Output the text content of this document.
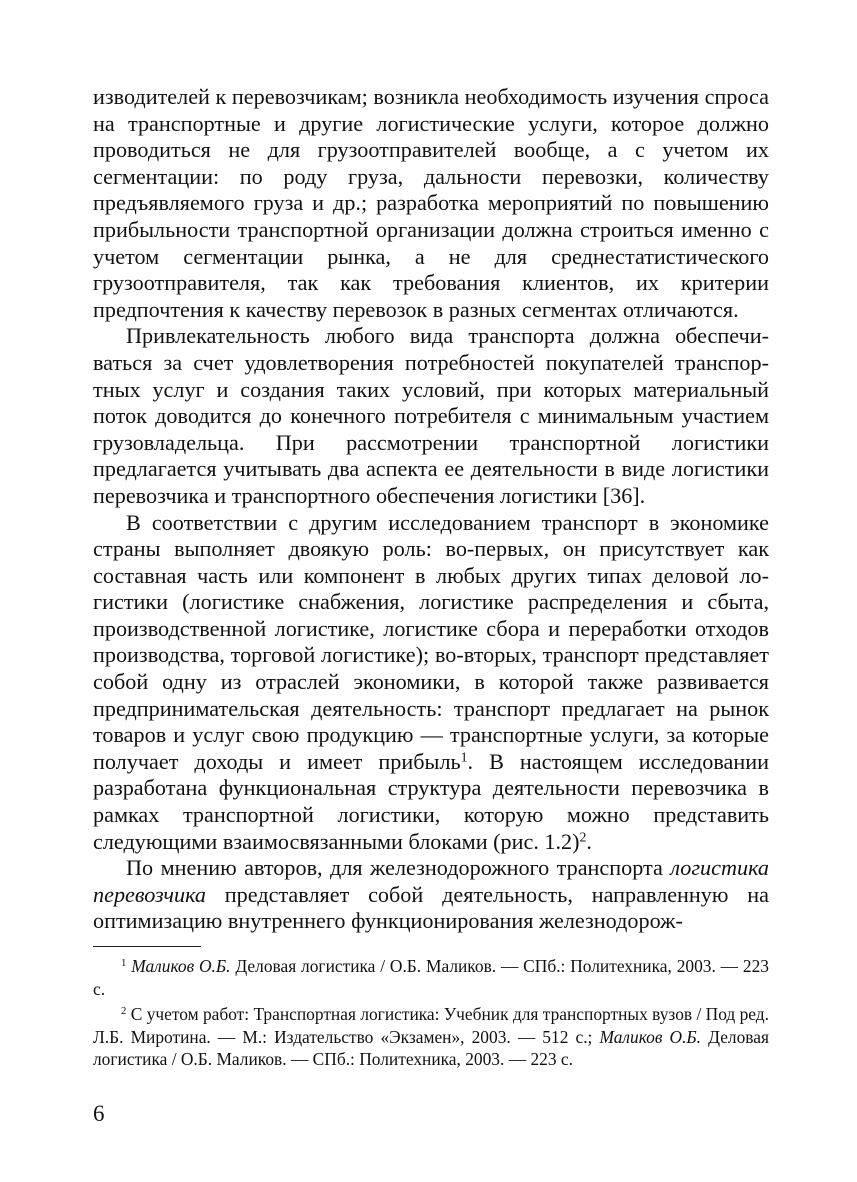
изводителей к перевозчикам; возникла необходимость изучения спроса на транспортные и другие логистические услуги, которое должно проводиться не для грузоотправителей вообще, а с учетом их сегментации: по роду груза, дальности перевозки, количеству предъявляемого груза и др.; разработка мероприятий по повышению прибыльности транспортной организации должна строиться именно с учетом сегментации рынка, а не для среднестатистического грузоотправителя, так как требования клиентов, их критерии предпочтения к качеству перевозок в разных сегментах отличаются.

Привлекательность любого вида транспорта должна обеспечиваться за счет удовлетворения потребностей покупателей транспортных услуг и создания таких условий, при которых материальный поток доводится до конечного потребителя с минимальным участием грузовладельца. При рассмотрении транспортной логистики предлагается учитывать два аспекта ее деятельности в виде логистики перевозчика и транспортного обеспечения логистики [36].

В соответствии с другим исследованием транспорт в экономике страны выполняет двоякую роль: во-первых, он присутствует как составная часть или компонент в любых других типах деловой логистики (логистике снабжения, логистике распределения и сбыта, производственной логистике, логистике сбора и переработки отходов производства, торговой логистике); во-вторых, транспорт представляет собой одну из отраслей экономики, в которой также развивается предпринимательская деятельность: транспорт предлагает на рынок товаров и услуг свою продукцию — транспортные услуги, за которые получает доходы и имеет прибыль$^1$. В настоящем исследовании разработана функциональная структура деятельности перевозчика в рамках транспортной логистики, которую можно представить следующими взаимосвязанными блоками (рис. 1.2)$^2$.

По мнению авторов, для железнодорожного транспорта логистика перевозчика представляет собой деятельность, направленную на оптимизацию внутреннего функционирования железнодорож-

$^1$ Маликов О.Б. Деловая логистика / О.Б. Маликов. — СПб.: Политехника, 2003. — 223 с.

$^2$ С учетом работ: Транспортная логистика: Учебник для транспортных вузов / Под ред. Л.Б. Миротина. — М.: Издательство «Экзамен», 2003. — 512 с.; Маликов О.Б. Деловая логистика / О.Б. Маликов. — СПб.: Политехника, 2003. — 223 с.

6
